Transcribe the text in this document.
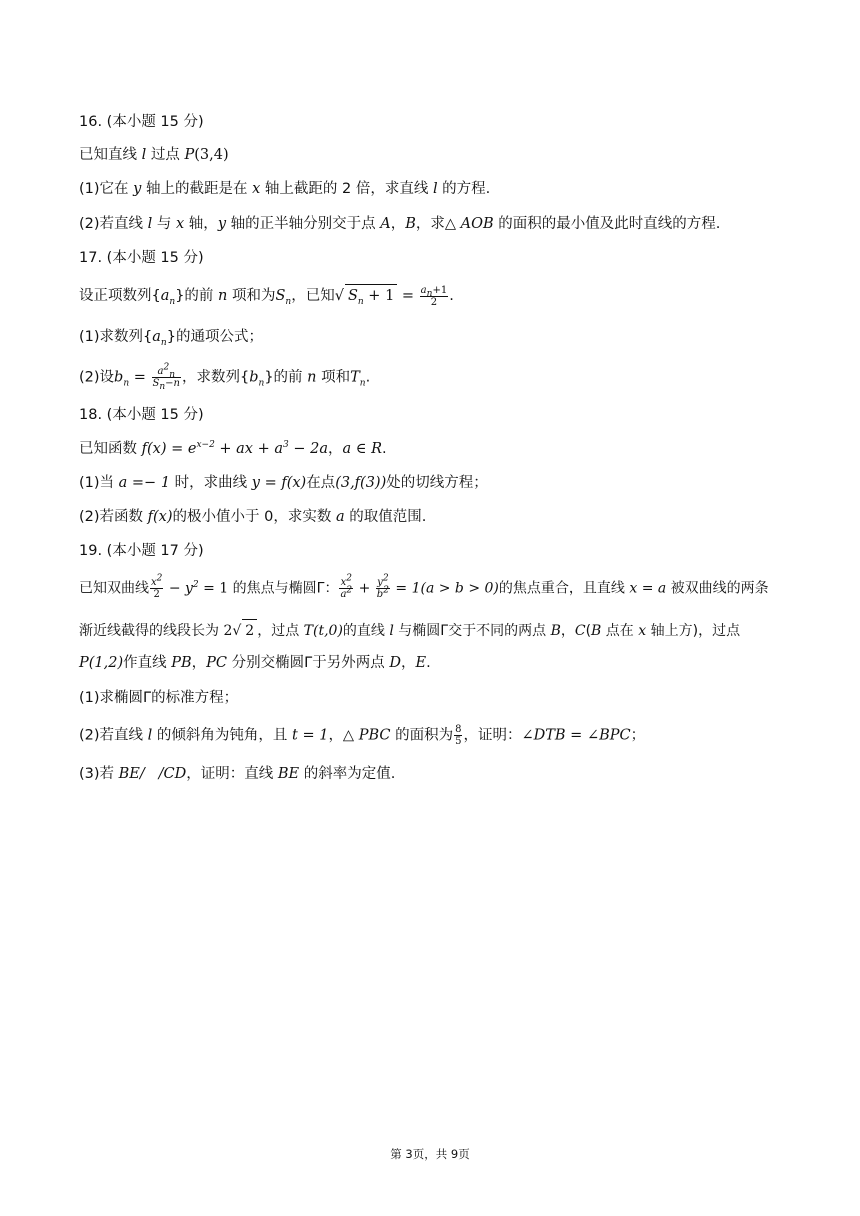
16. (本小题 15 分)
已知直线 l 过点 P(3,4)
(1)它在 y 轴上的截距是在 x 轴上截距的 2 倍，求直线 l 的方程.
(2)若直线 l 与 x 轴，y 轴的正半轴分别交于点 A，B，求△ AOB 的面积的最小值及此时直线的方程.
17. (本小题 15 分)
设正项数列$\{a_n\}$的前 n 项和为$S_n$，已知√ $S_n + 1 = \frac{a_n+1}{2}$ .
(1)求数列$\{a_n\}$的通项公式；
(2)设$b_n = \frac{a^2_n}{S_n-n}$ ，求数列$\{b_n\}$的前 n 项和$T_n$.
18. (本小题 15 分)
已知函数 $f(x) = e^{x-2}$ + ax + $a^3 - 2a$，a ∈ R.
(1)当 a =− 1 时，求曲线 y = f(x)在点(3,f(3))处的切线方程；
(2)若函数 f(x)的极小值小于 0，求实数 a 的取值范围.
19. (本小题 17 分)
已知双曲线 $\frac{x^2}{2} - y^2 = 1$ 的焦点与椭圆Γ： $\frac{x^2}{a^2} + \frac{y^2}{b^2} = 1(a > b > 0)$的焦点重合，且直线 x = a 被双曲线的两条
渐近线截得的线段长为 2√ 2 ，过点 T(t,0)的直线 l 与椭圆Γ交于不同的两点 B，C(B 点在 x 轴上方)，过点
P(1,2)作直线 PB，PC 分别交椭圆Γ于另外两点 D，E.
(1)求椭圆Γ的标准方程；
(2)若直线 l 的倾斜角为钝角，且 t = 1，△ PBC 的面积为 $\frac{8}{5}$ ，证明：∠DTB = ∠BPC；
(3)若 BE/   /CD，证明：直线 BE 的斜率为定值.
第 3页，共 9页
